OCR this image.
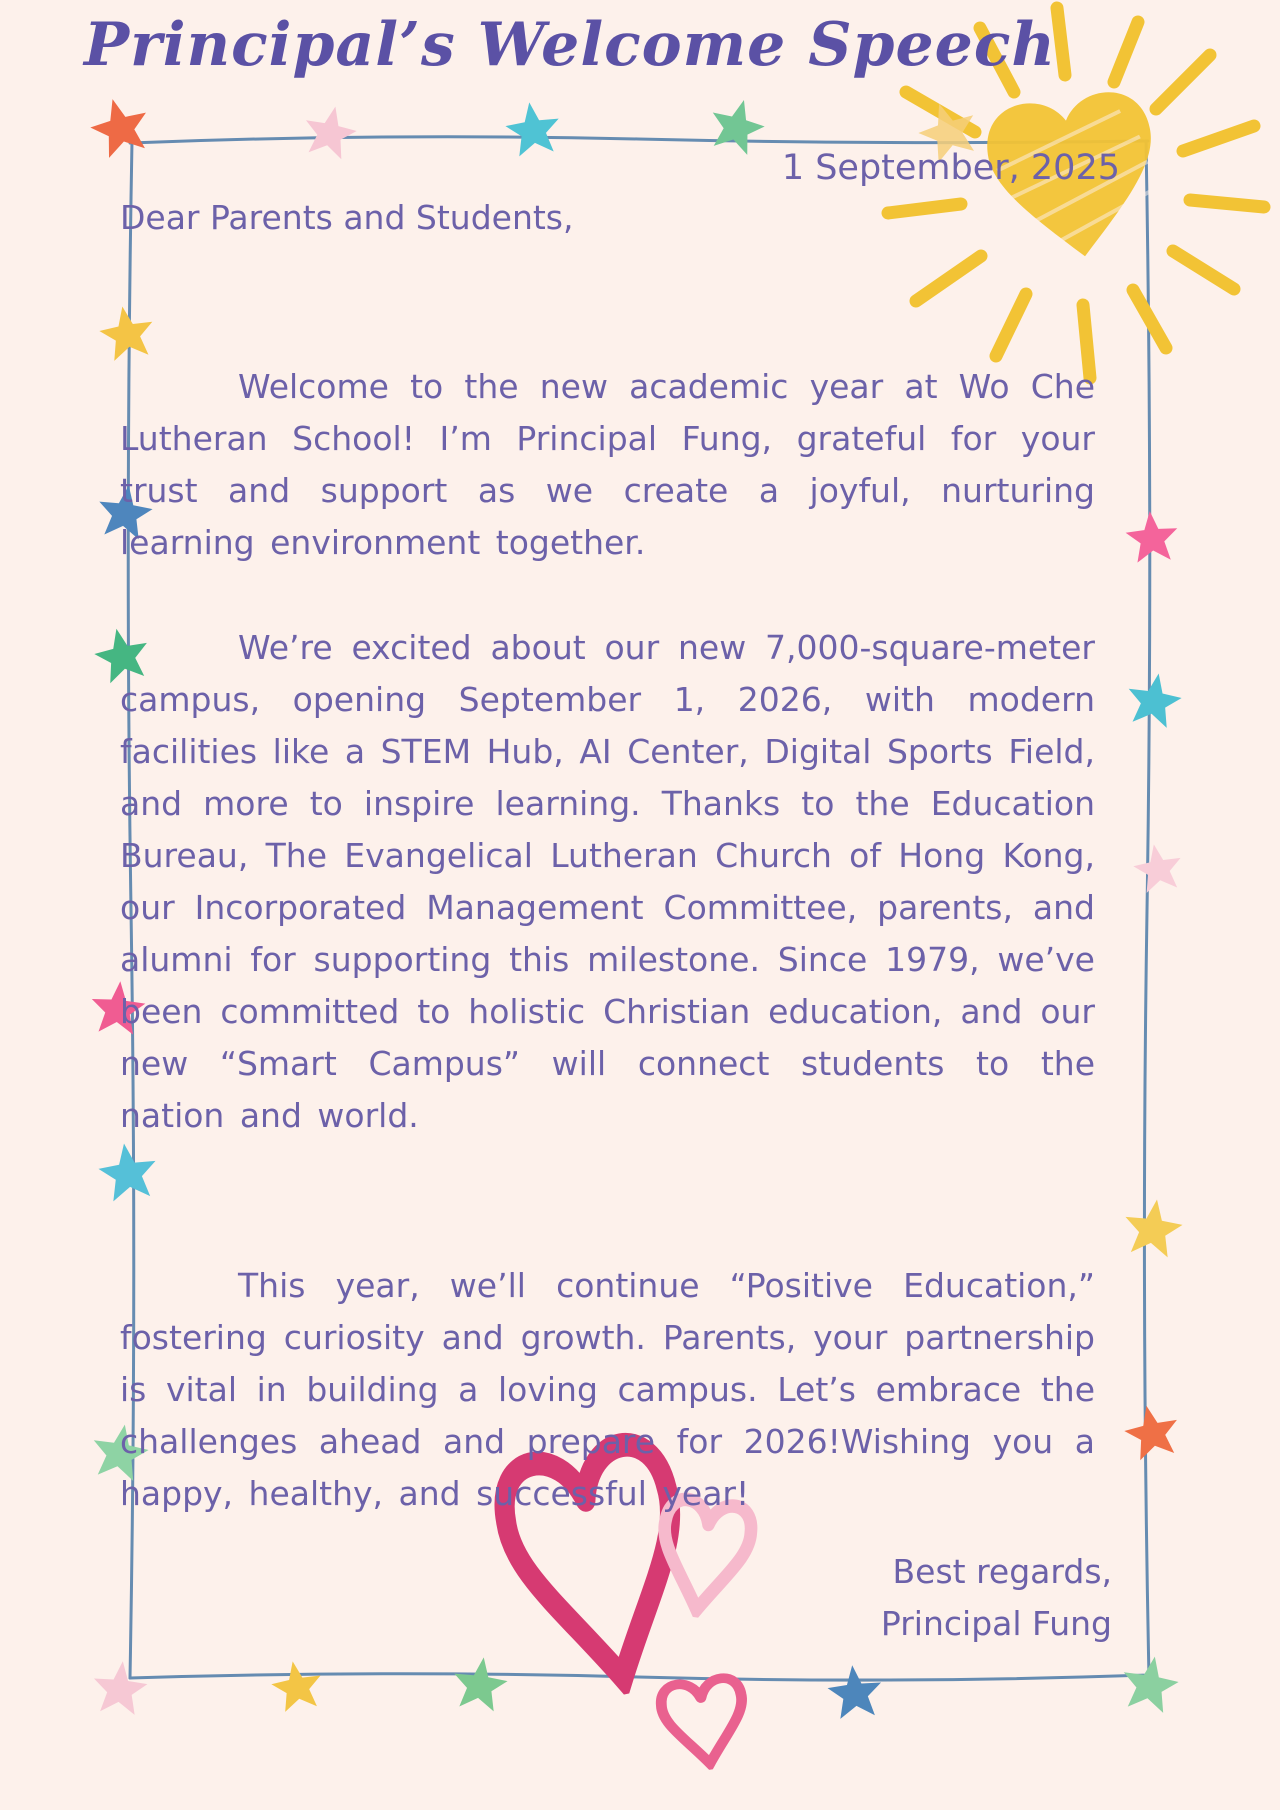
Principal’s Welcome Speech
1 September, 2025
Dear Parents and Students,

Welcome to the new academic year at Wo Che Lutheran School! I’m Principal Fung, grateful for your trust and support as we create a joyful, nurturing learning environment together.

We’re excited about our new 7,000-square-meter campus, opening September 1, 2026, with modern facilities like a STEM Hub, AI Center, Digital Sports Field, and more to inspire learning. Thanks to the Education Bureau, The Evangelical Lutheran Church of Hong Kong, our Incorporated Management Committee, parents, and alumni for supporting this milestone. Since 1979, we’ve been committed to holistic Christian education, and our new “Smart Campus” will connect students to the nation and world.

This year, we’ll continue “Positive Education,” fostering curiosity and growth. Parents, your partnership is vital in building a loving campus. Let’s embrace the challenges ahead and prepare for 2026!Wishing you a happy, healthy, and successful year!

Best regards,
Principal Fung
